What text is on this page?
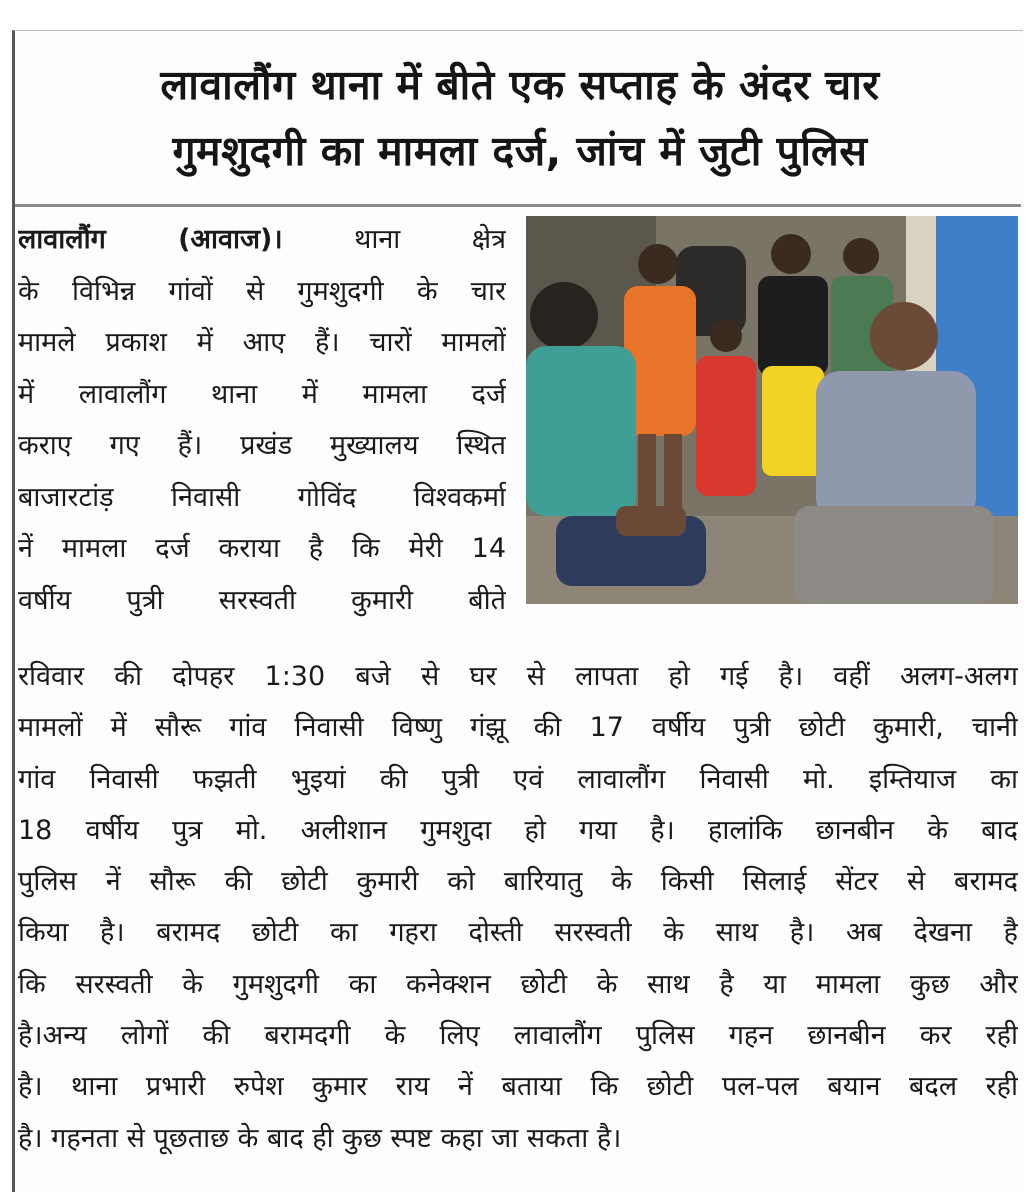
लावालौंग थाना में बीते एक सप्ताह के अंदर चार
गुमशुदगी का मामला दर्ज, जांच में जुटी पुलिस
लावालौंग (आवाज)। थाना क्षेत्र
के विभिन्न गांवों से गुमशुदगी के चार
मामले प्रकाश में आए हैं। चारों मामलों
में लावालौंग थाना में मामला दर्ज
कराए गए हैं। प्रखंड मुख्यालय स्थित
बाजारटांड़ निवासी गोविंद विश्वकर्मा
नें मामला दर्ज कराया है कि मेरी 14
वर्षीय पुत्री सरस्वती कुमारी बीते
रविवार की दोपहर 1:30 बजे से घर से लापता हो गई है। वहीं अलग-अलग
मामलों में सौरू गांव निवासी विष्णु गंझू की 17 वर्षीय पुत्री छोटी कुमारी, चानी
गांव निवासी फझती भुइयां की पुत्री एवं लावालौंग निवासी मो. इम्तियाज का
18 वर्षीय पुत्र मो. अलीशान गुमशुदा हो गया है। हालांकि छानबीन के बाद
पुलिस नें सौरू की छोटी कुमारी को बारियातु के किसी सिलाई सेंटर से बरामद
किया है। बरामद छोटी का गहरा दोस्ती सरस्वती के साथ है। अब देखना है
कि सरस्वती के गुमशुदगी का कनेक्शन छोटी के साथ है या मामला कुछ और
है।अन्य लोगों की बरामदगी के लिए लावालौंग पुलिस गहन छानबीन कर रही
है। थाना प्रभारी रुपेश कुमार राय नें बताया कि छोटी पल-पल बयान बदल रही
है। गहनता से पूछताछ के बाद ही कुछ स्पष्ट कहा जा सकता है।
